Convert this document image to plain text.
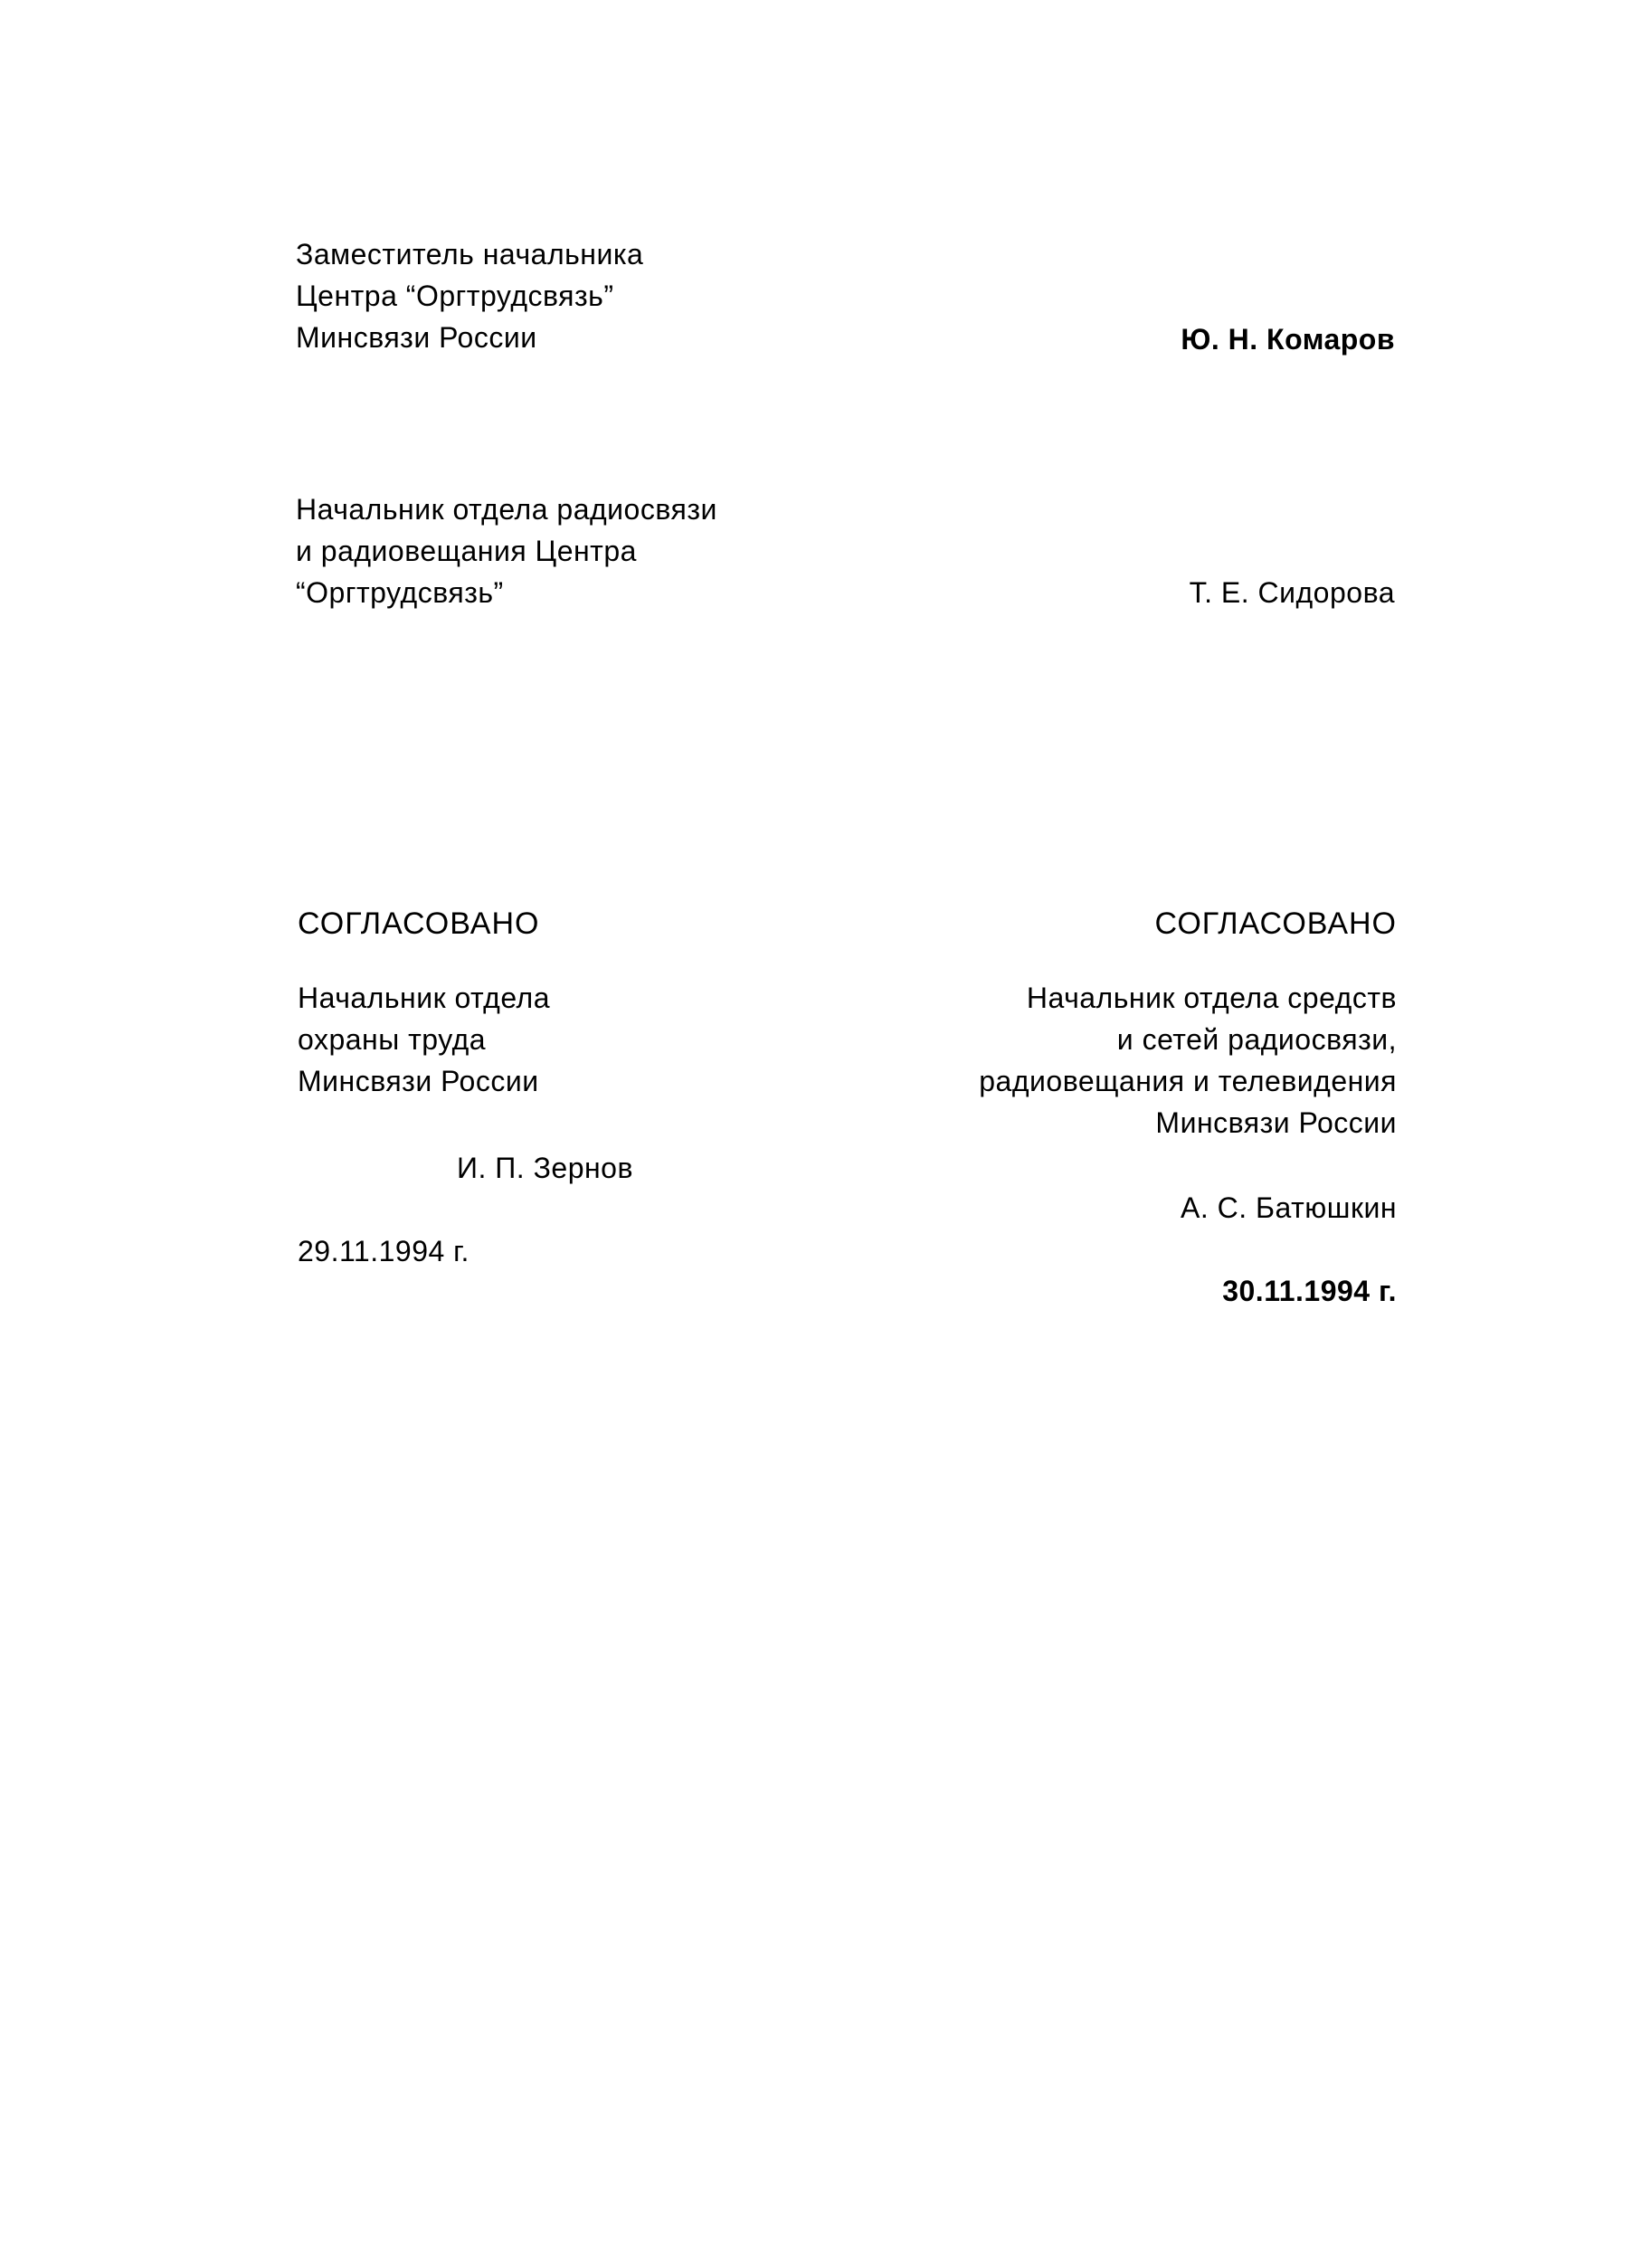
Заместитель начальника
Центра “Оргтрудсвязь”
Минсвязи России	Ю. Н. Комаров
Начальник отдела радиосвязи
и радиовещания Центра
“Оргтрудсвязь”	Т. Е. Сидорова
СОГЛАСОВАНО
Начальник отдела
охраны труда
Минсвязи России
И. П. Зернов
29.11.1994 г.
СОГЛАСОВАНО
Начальник отдела средств
и сетей радиосвязи,
радиовещания и телевидения
Минсвязи России
А. С. Батюшкин
30.11.1994 г.
